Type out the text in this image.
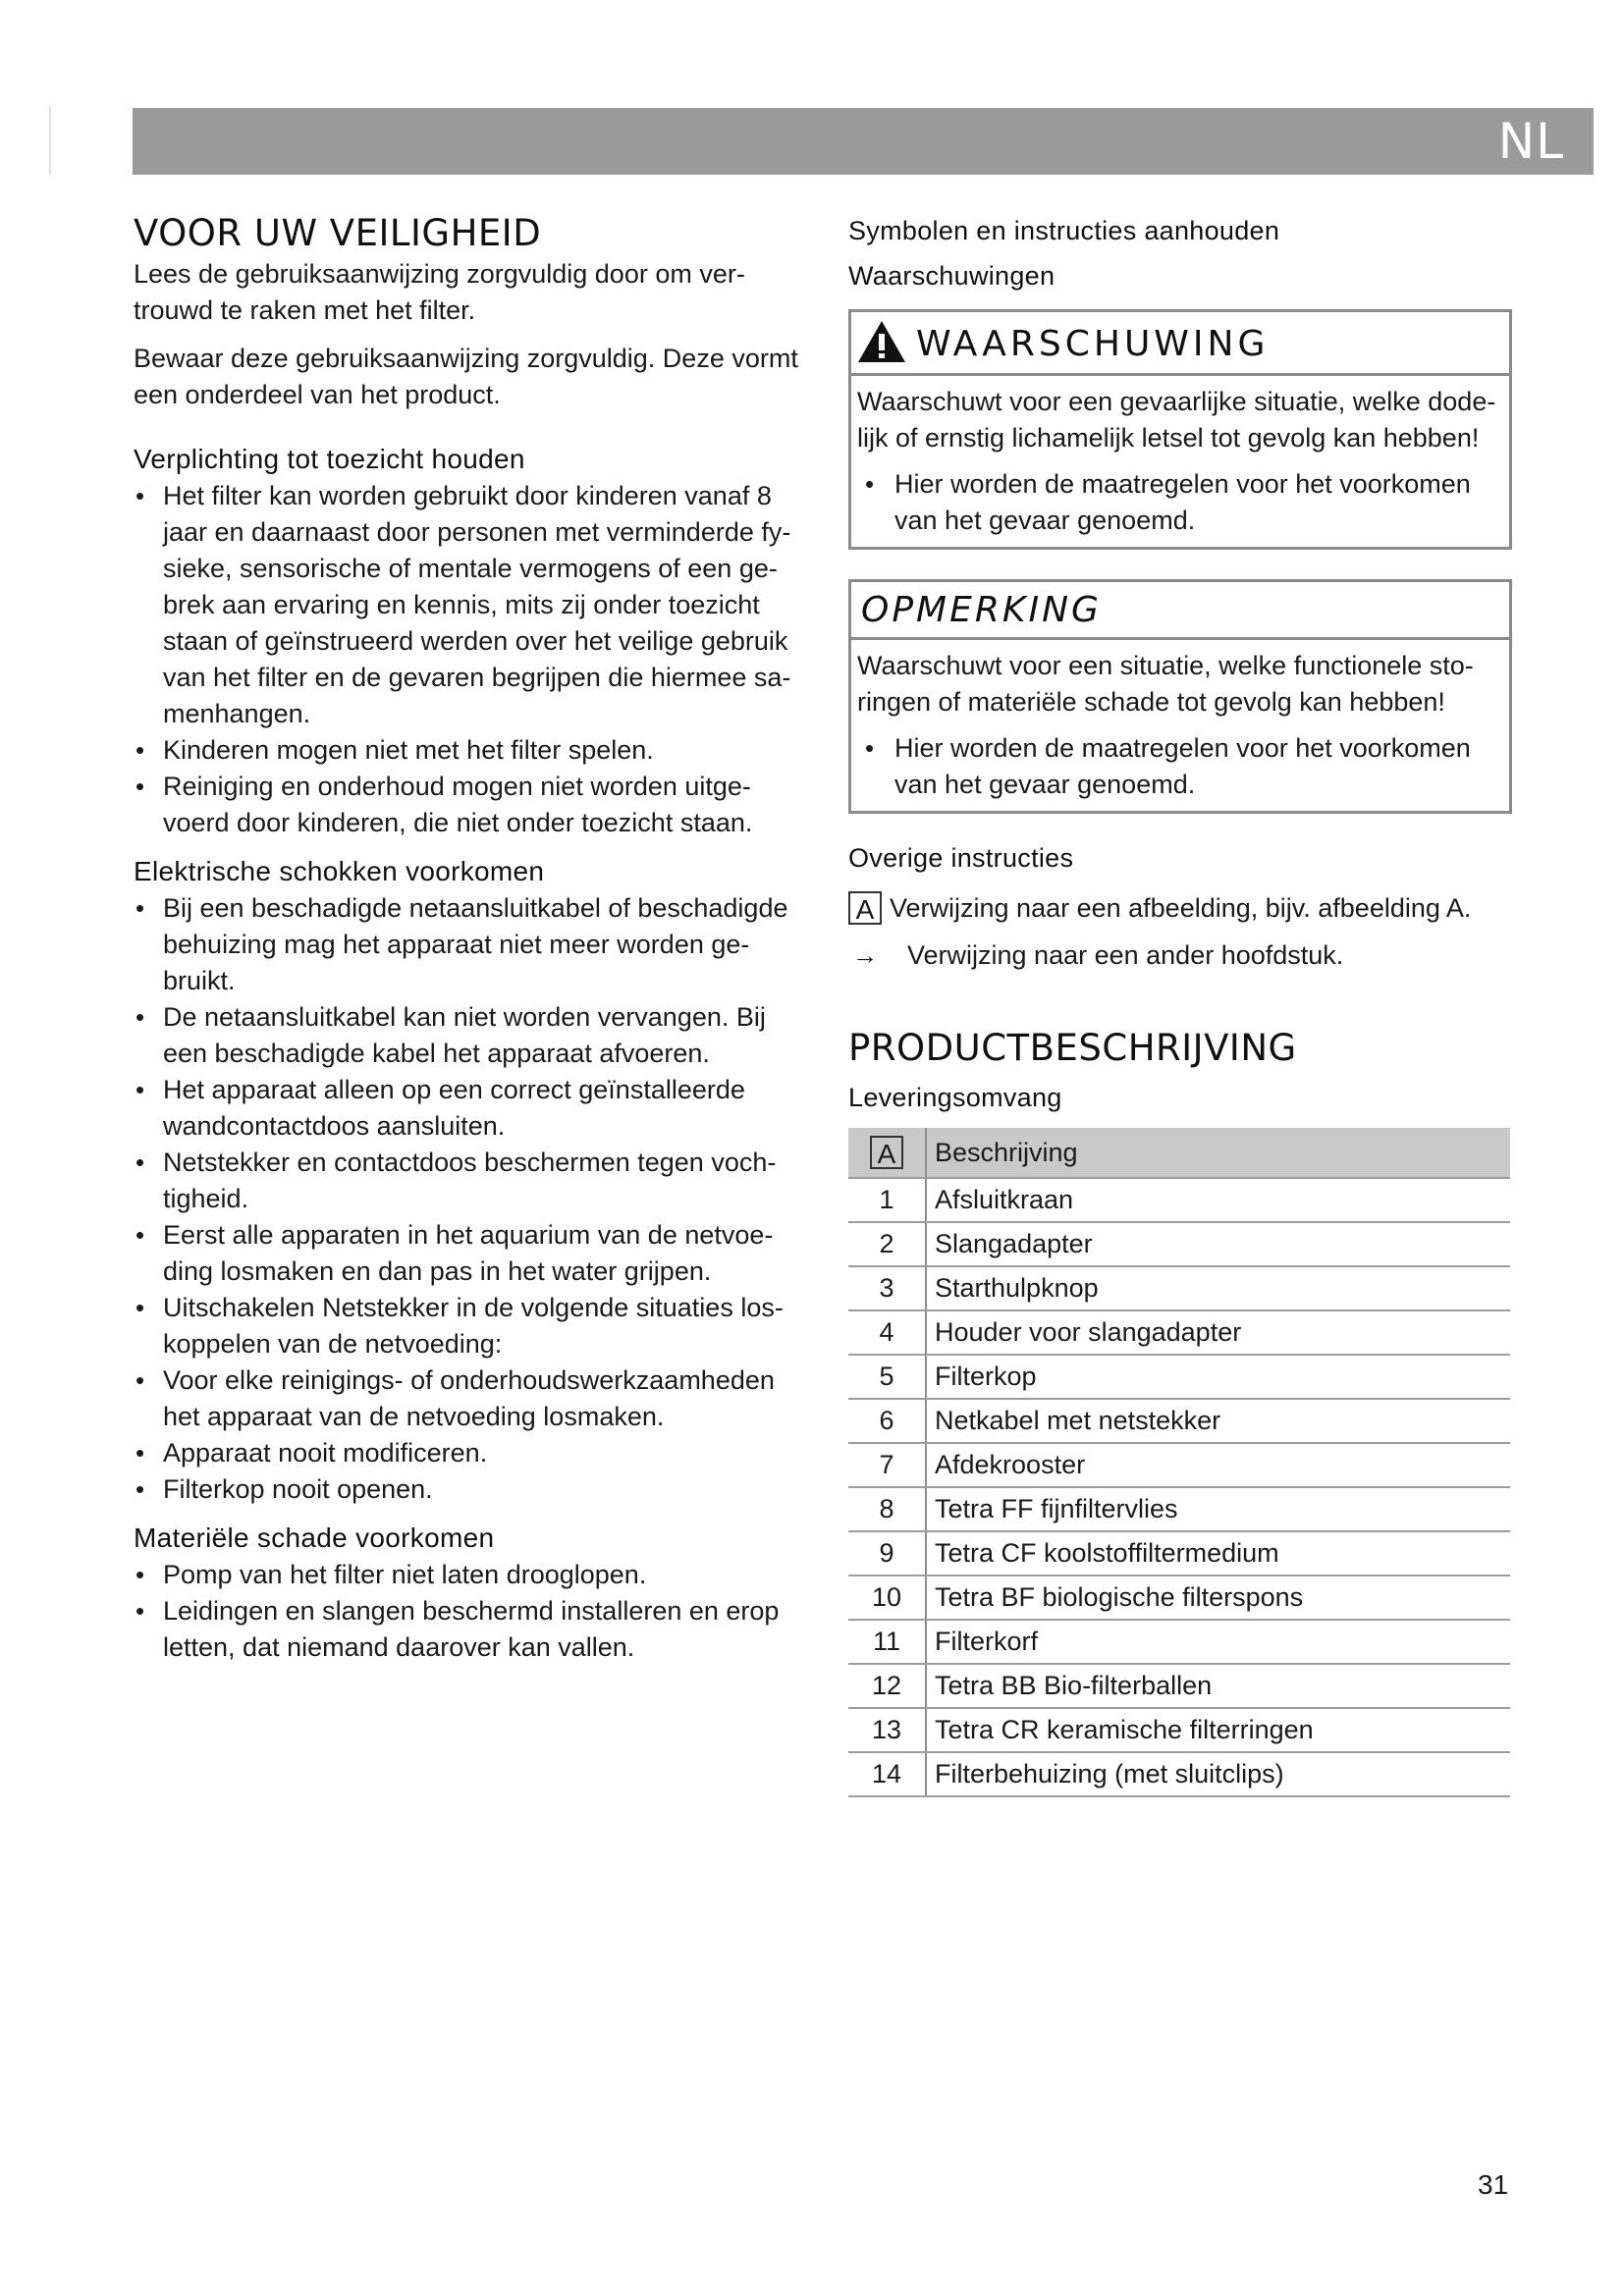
NL
VOOR UW VEILIGHEID

Lees de gebruiksaanwijzing zorgvuldig door om ver-
trouwd te raken met het filter.

Bewaar deze gebruiksaanwijzing zorgvuldig. Deze vormt
een onderdeel van het product.

Verplichting tot toezicht houden
• Het filter kan worden gebruikt door kinderen vanaf 8
jaar en daarnaast door personen met verminderde fy-
sieke, sensorische of mentale vermogens of een ge-
brek aan ervaring en kennis, mits zij onder toezicht
staan of geïnstrueerd werden over het veilige gebruik
van het filter en de gevaren begrijpen die hiermee sa-
menhangen.
• Kinderen mogen niet met het filter spelen.
• Reiniging en onderhoud mogen niet worden uitge-
voerd door kinderen, die niet onder toezicht staan.
Elektrische schokken voorkomen
• Bij een beschadigde netaansluitkabel of beschadigde
behuizing mag het apparaat niet meer worden ge-
bruikt.
• De netaansluitkabel kan niet worden vervangen. Bij
een beschadigde kabel het apparaat afvoeren.
• Het apparaat alleen op een correct geïnstalleerde
wandcontactdoos aansluiten.
• Netstekker en contactdoos beschermen tegen voch-
tigheid.
• Eerst alle apparaten in het aquarium van de netvoe-
ding losmaken en dan pas in het water grijpen.
• Uitschakelen Netstekker in de volgende situaties los-
koppelen van de netvoeding:
• Voor elke reinigings- of onderhoudswerkzaamheden
het apparaat van de netvoeding losmaken.
• Apparaat nooit modificeren.
• Filterkop nooit openen.
Materiële schade voorkomen
• Pomp van het filter niet laten drooglopen.
• Leidingen en slangen beschermd installeren en erop
letten, dat niemand daarover kan vallen.
Symbolen en instructies aanhouden
Waarschuwingen
WAARSCHUWING

Waarschuwt voor een gevaarlijke situatie, welke dode-
lijk of ernstig lichamelijk letsel tot gevolg kan hebben!

• Hier worden de maatregelen voor het voorkomen
van het gevaar genoemd.
OPMERKING

Waarschuwt voor een situatie, welke functionele sto-
ringen of materiële schade tot gevolg kan hebben!

• Hier worden de maatregelen voor het voorkomen
van het gevaar genoemd.
Overige instructies
A Verwijzing naar een afbeelding, bijv. afbeelding A.
→	Verwijzing naar een ander hoofdstuk.
PRODUCTBESCHRIJVING
Leveringsomvang
A	Beschrijving
1	Afsluitkraan
2	Slangadapter
3	Starthulpknop
4	Houder voor slangadapter
5	Filterkop
6	Netkabel met netstekker
7	Afdekrooster
8	Tetra FF fijnfiltervlies
9	Tetra CF koolstoffiltermedium
10	Tetra BF biologische filterspons
11	Filterkorf
12	Tetra BB Bio-filterballen
13	Tetra CR keramische filterringen
14	Filterbehuizing (met sluitclips)
31
